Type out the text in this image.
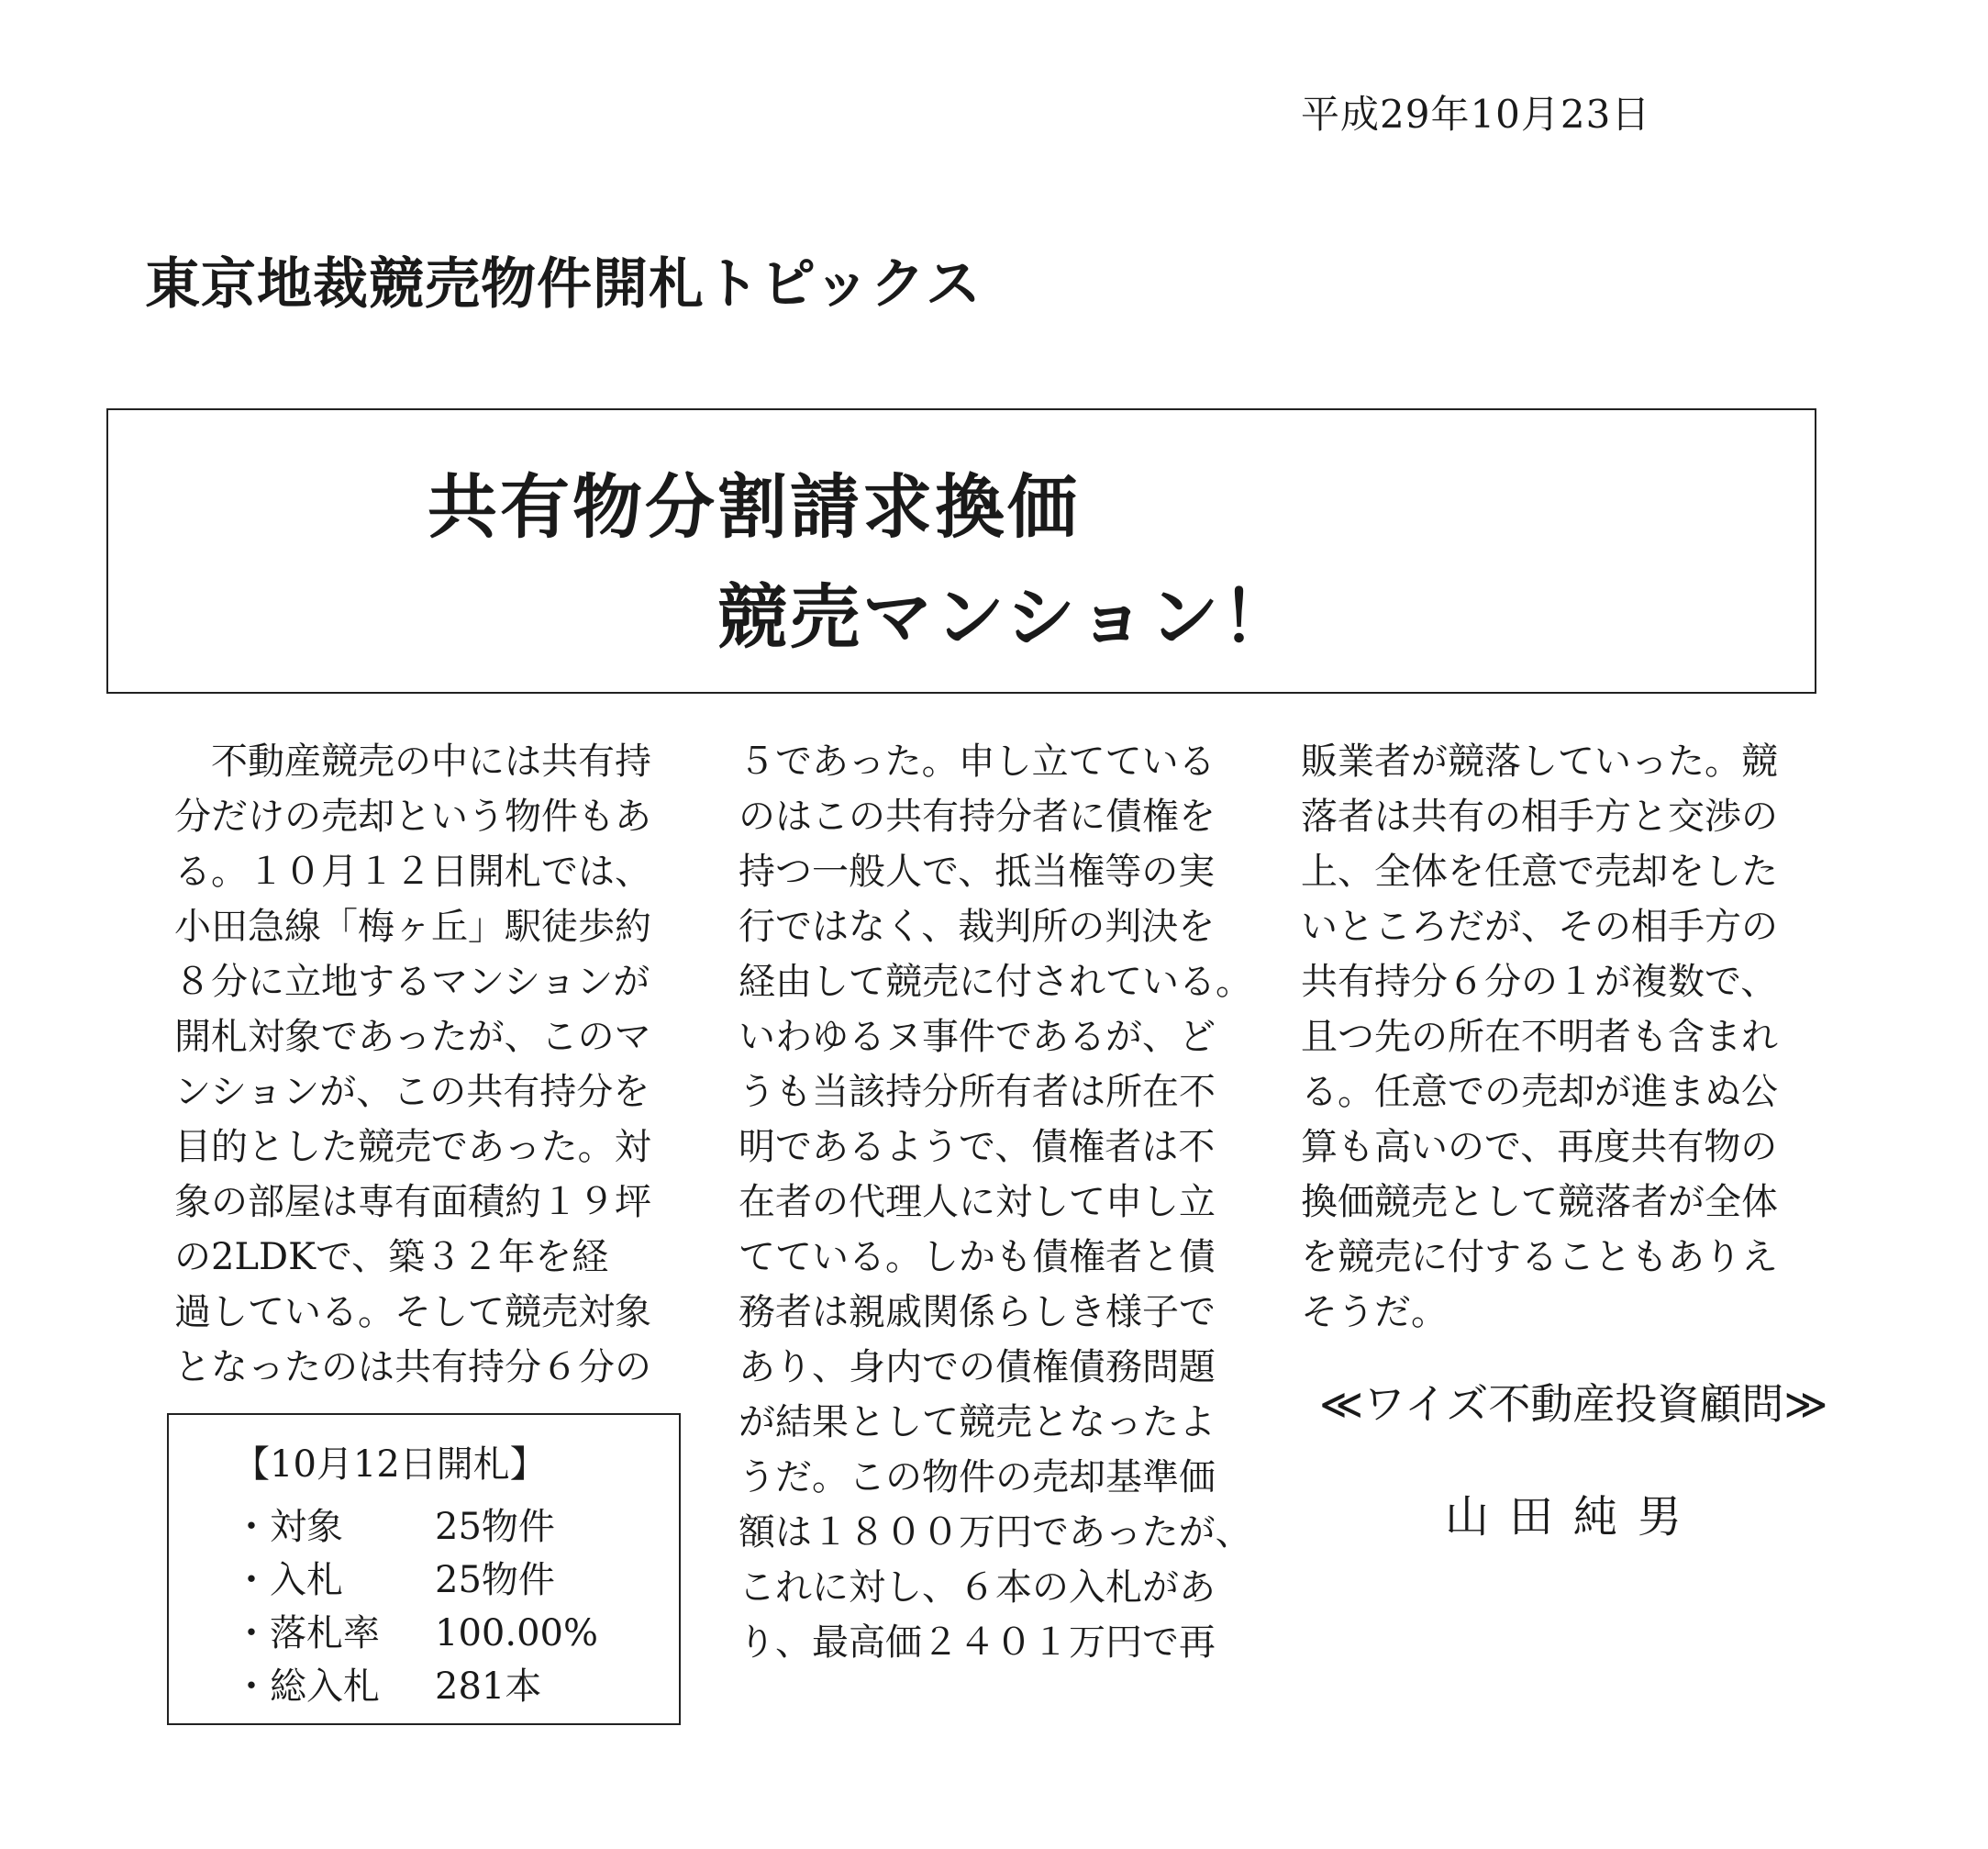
平成29年10月23日
東京地裁競売物件開札トピックス
共有物分割請求換価
競売マンション！
　不動産競売の中には共有持
分だけの売却という物件もあ
る。１０月１２日開札では、
小田急線「梅ヶ丘」駅徒歩約
８分に立地するマンションが
開札対象であったが、このマ
ンションが、この共有持分を
目的とした競売であった。対
象の部屋は専有面積約１９坪
の2LDKで、築３２年を経
過している。そして競売対象
となったのは共有持分６分の
５であった。申し立てている
のはこの共有持分者に債権を
持つ一般人で、抵当権等の実
行ではなく、裁判所の判決を
経由して競売に付されている。
いわゆるヌ事件であるが、ど
うも当該持分所有者は所在不
明であるようで、債権者は不
在者の代理人に対して申し立
てている。しかも債権者と債
務者は親戚関係らしき様子で
あり、身内での債権債務問題
が結果として競売となったよ
うだ。この物件の売却基準価
額は１８００万円であったが、
これに対し、６本の入札があ
り、最高価２４０１万円で再
販業者が競落していった。競
落者は共有の相手方と交渉の
上、全体を任意で売却をした
いところだが、その相手方の
共有持分６分の１が複数で、
且つ先の所在不明者も含まれ
る。任意での売却が進まぬ公
算も高いので、再度共有物の
換価競売として競落者が全体
を競売に付することもありえ
そうだ。
【10月12日開札】
・対象	25物件
・入札	25物件
・落札率 100.00%
・総入札 281本
≪ワイズ不動産投資顧問≫
山田純男
